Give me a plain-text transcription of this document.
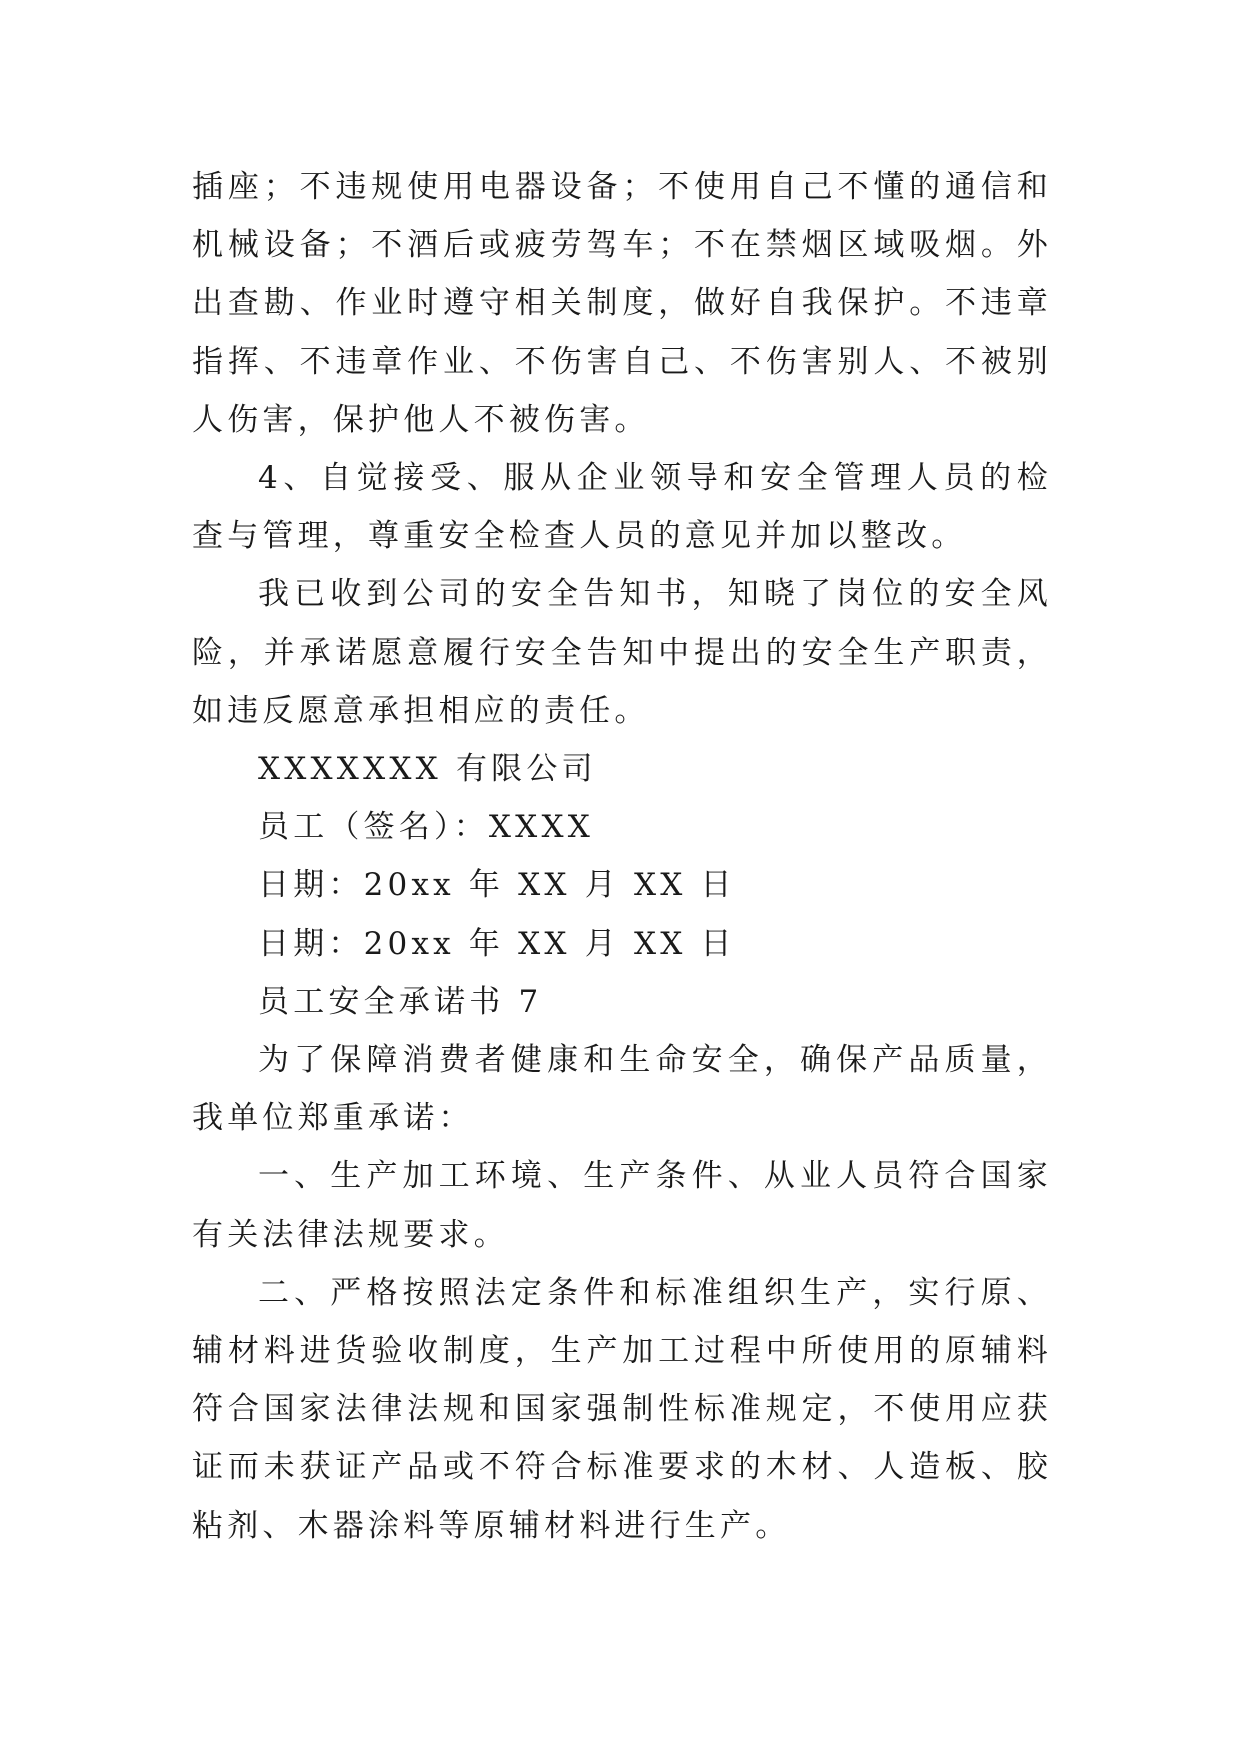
插座；不违规使用电器设备；不使用自己不懂的通信和机械设备；不酒后或疲劳驾车；不在禁烟区域吸烟。外出查勘、作业时遵守相关制度，做好自我保护。不违章指挥、不违章作业、不伤害自己、不伤害别人、不被别人伤害，保护他人不被伤害。

4、自觉接受、服从企业领导和安全管理人员的检查与管理，尊重安全检查人员的意见并加以整改。

我已收到公司的安全告知书，知晓了岗位的安全风险，并承诺愿意履行安全告知中提出的安全生产职责，如违反愿意承担相应的责任。

XXXXXXX 有限公司

员工（签名）：XXXX

日期：20xx 年 XX 月 XX 日

日期：20xx 年 XX 月 XX 日

员工安全承诺书 7

为了保障消费者健康和生命安全，确保产品质量，我单位郑重承诺：

一、生产加工环境、生产条件、从业人员符合国家有关法律法规要求。

二、严格按照法定条件和标准组织生产，实行原、辅材料进货验收制度，生产加工过程中所使用的原辅料符合国家法律法规和国家强制性标准规定，不使用应获证而未获证产品或不符合标准要求的木材、人造板、胶粘剂、木器涂料等原辅材料进行生产。
